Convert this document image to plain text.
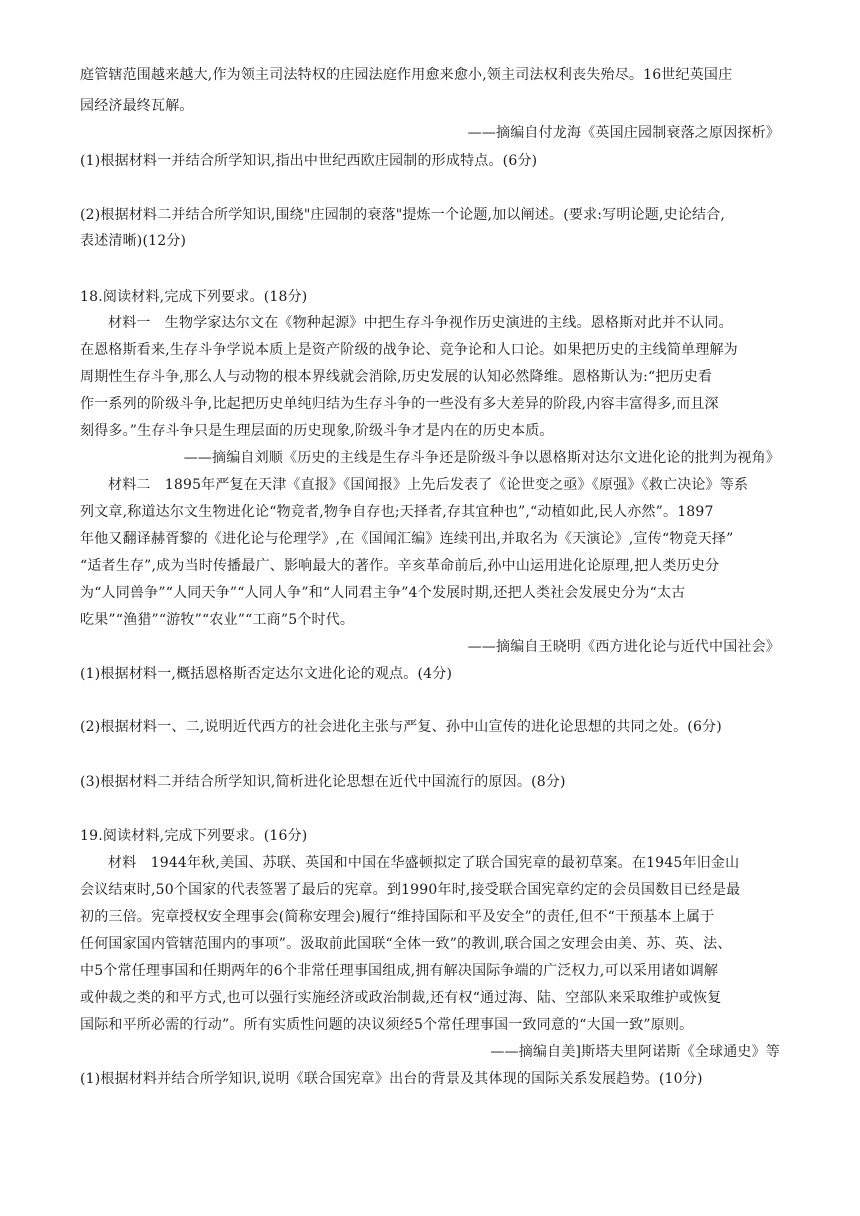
庭管辖范围越来越大,作为领主司法特权的庄园法庭作用愈来愈小,领主司法权利丧失殆尽。16世纪英国庄
园经济最终瓦解。
——摘编自付龙海《英国庄园制衰落之原因探析》
(1)根据材料一并结合所学知识,指出中世纪西欧庄园制的形成特点。(6分)
(2)根据材料二并结合所学知识,围绕"庄园制的衰落"提炼一个论题,加以阐述。(要求:写明论题,史论结合,
表述清晰)(12分)
18.阅读材料,完成下列要求。(18分)
材料一　生物学家达尔文在《物种起源》中把生存斗争视作历史演进的主线。恩格斯对此并不认同。
在恩格斯看来,生存斗争学说本质上是资产阶级的战争论、竞争论和人口论。如果把历史的主线简单理解为
周期性生存斗争,那么人与动物的根本界线就会消除,历史发展的认知必然降维。恩格斯认为:“把历史看
作一系列的阶级斗争,比起把历史单纯归结为生存斗争的一些没有多大差异的阶段,内容丰富得多,而且深
刻得多。”生存斗争只是生理层面的历史现象,阶级斗争才是内在的历史本质。
——摘编自刘顺《历史的主线是生存斗争还是阶级斗争以恩格斯对达尔文进化论的批判为视角》
材料二　1895年严复在天津《直报》《国闻报》上先后发表了《论世变之亟》《原强》《救亡决论》等系
列文章,称道达尔文生物进化论“物竞者,物争自存也;天择者,存其宜种也”,“动植如此,民人亦然”。1897
年他又翻译赫胥黎的《进化论与伦理学》,在《国闻汇编》连续刊出,并取名为《天演论》,宣传“物竞天择”
“适者生存”,成为当时传播最广、影响最大的著作。辛亥革命前后,孙中山运用进化论原理,把人类历史分
为“人同兽争”“人同天争”“人同人争”和“人同君主争”4个发展时期,还把人类社会发展史分为“太古
吃果”“渔猎”“游牧”“农业”“工商”5个时代。
——摘编自王晓明《西方进化论与近代中国社会》
(1)根据材料一,概括恩格斯否定达尔文进化论的观点。(4分)
(2)根据材料一、二,说明近代西方的社会进化主张与严复、孙中山宣传的进化论思想的共同之处。(6分)
(3)根据材料二并结合所学知识,简析进化论思想在近代中国流行的原因。(8分)
19.阅读材料,完成下列要求。(16分)
材料　1944年秋,美国、苏联、英国和中国在华盛顿拟定了联合国宪章的最初草案。在1945年旧金山
会议结束时,50个国家的代表签署了最后的宪章。到1990年时,接受联合国宪章约定的会员国数目已经是最
初的三倍。宪章授权安全理事会(简称安理会)履行“维持国际和平及安全”的责任,但不“干预基本上属于
任何国家国内管辖范围内的事项”。汲取前此国联“全体一致”的教训,联合国之安理会由美、苏、英、法、
中5个常任理事国和任期两年的6个非常任理事国组成,拥有解决国际争端的广泛权力,可以采用诸如调解
或仲裁之类的和平方式,也可以强行实施经济或政治制裁,还有权“通过海、陆、空部队来采取维护或恢复
国际和平所必需的行动”。所有实质性问题的决议须经5个常任理事国一致同意的“大国一致”原则。
——摘编自美]斯塔夫里阿诺斯《全球通史》等
(1)根据材料并结合所学知识,说明《联合国宪章》出台的背景及其体现的国际关系发展趋势。(10分)
